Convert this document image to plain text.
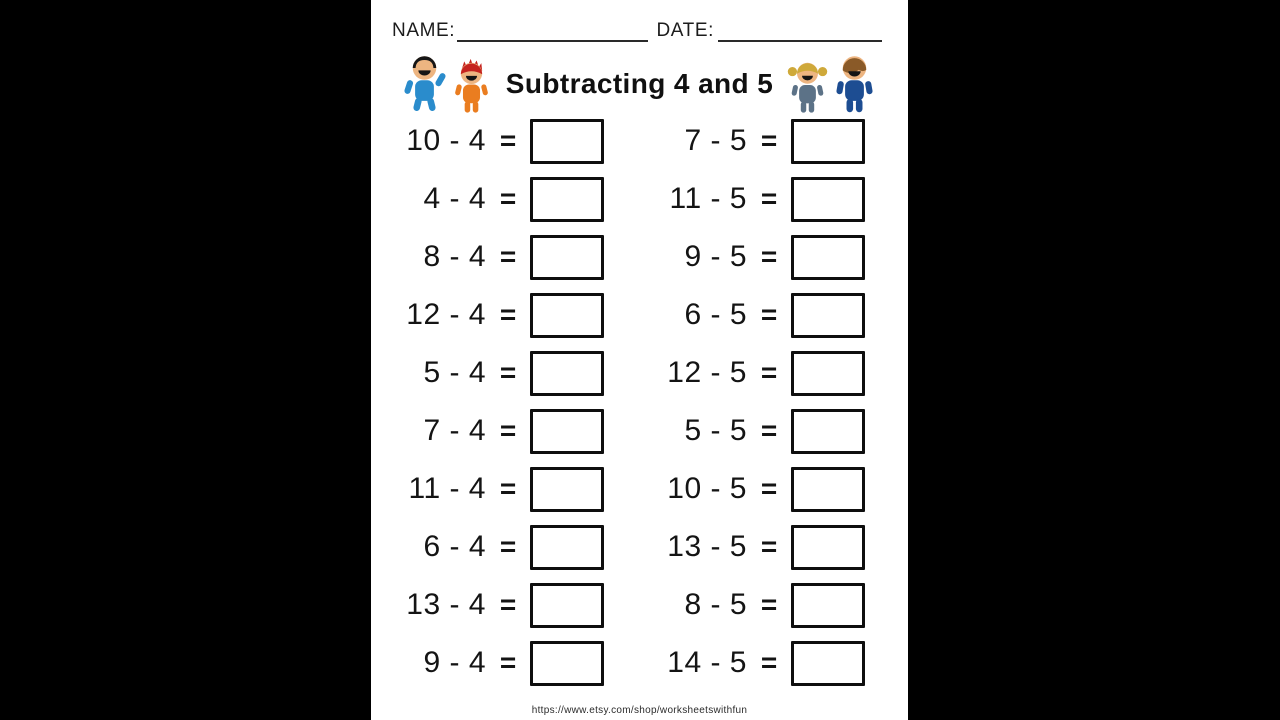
NAME:	DATE:
Subtracting 4 and 5
10 - 4 =
4 - 4 =
8 - 4 =
12 - 4 =
5 - 4 =
7 - 4 =
11 - 4 =
6 - 4 =
13 - 4 =
9 - 4 =
7 - 5 =
11 - 5 =
9 - 5 =
6 - 5 =
12 - 5 =
5 - 5 =
10 - 5 =
13 - 5 =
8 - 5 =
14 - 5 =
https://www.etsy.com/shop/worksheetswithfun
